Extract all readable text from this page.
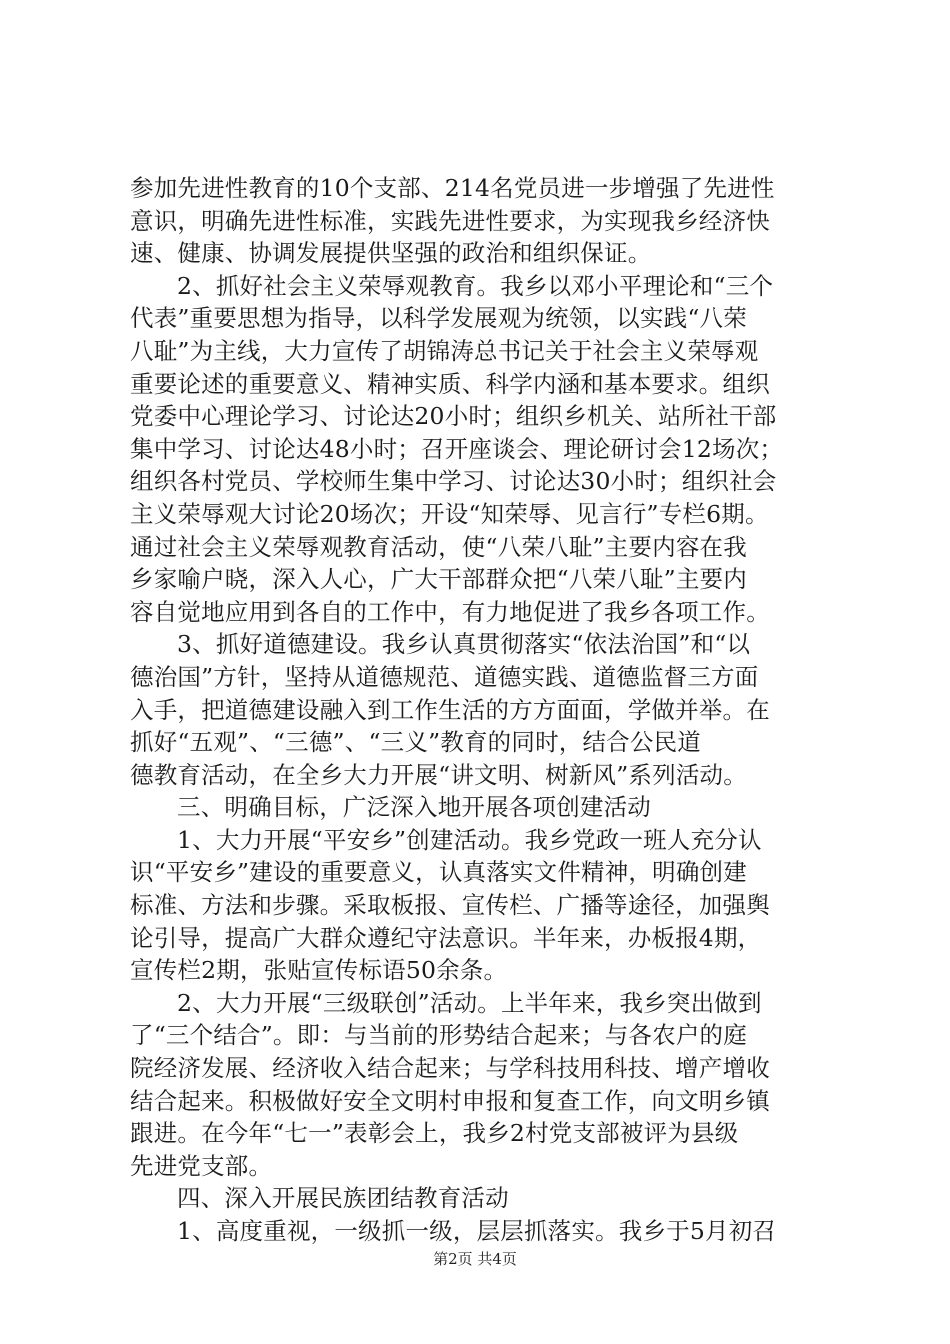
参加先进性教育的10个支部、214名党员进一步增强了先进性
意识，明确先进性标准，实践先进性要求，为实现我乡经济快
速、健康、协调发展提供坚强的政治和组织保证。
2、抓好社会主义荣辱观教育。我乡以邓小平理论和“三个
代表”重要思想为指导，以科学发展观为统领，以实践“八荣
八耻”为主线，大力宣传了胡锦涛总书记关于社会主义荣辱观
重要论述的重要意义、精神实质、科学内涵和基本要求。组织
党委中心理论学习、讨论达20小时；组织乡机关、站所社干部
集中学习、讨论达48小时；召开座谈会、理论研讨会12场次；
组织各村党员、学校师生集中学习、讨论达30小时；组织社会
主义荣辱观大讨论20场次；开设“知荣辱、见言行”专栏6期。
通过社会主义荣辱观教育活动，使“八荣八耻”主要内容在我
乡家喻户晓，深入人心，广大干部群众把“八荣八耻”主要内
容自觉地应用到各自的工作中，有力地促进了我乡各项工作。
3、抓好道德建设。我乡认真贯彻落实“依法治国”和“以
德治国”方针，坚持从道德规范、道德实践、道德监督三方面
入手，把道德建设融入到工作生活的方方面面，学做并举。在
抓好“五观”、“三德”、“三义”教育的同时，结合公民道
德教育活动，在全乡大力开展“讲文明、树新风”系列活动。
三、明确目标，广泛深入地开展各项创建活动
1、大力开展“平安乡”创建活动。我乡党政一班人充分认
识“平安乡”建设的重要意义，认真落实文件精神，明确创建
标准、方法和步骤。采取板报、宣传栏、广播等途径，加强舆
论引导，提高广大群众遵纪守法意识。半年来，办板报4期，
宣传栏2期，张贴宣传标语50余条。
2、大力开展“三级联创”活动。上半年来，我乡突出做到
了“三个结合”。即：与当前的形势结合起来；与各农户的庭
院经济发展、经济收入结合起来；与学科技用科技、增产增收
结合起来。积极做好安全文明村申报和复查工作，向文明乡镇
跟进。在今年“七一”表彰会上，我乡2村党支部被评为县级
先进党支部。
四、深入开展民族团结教育活动
1、高度重视，一级抓一级，层层抓落实。我乡于5月初召
第2页 共4页
